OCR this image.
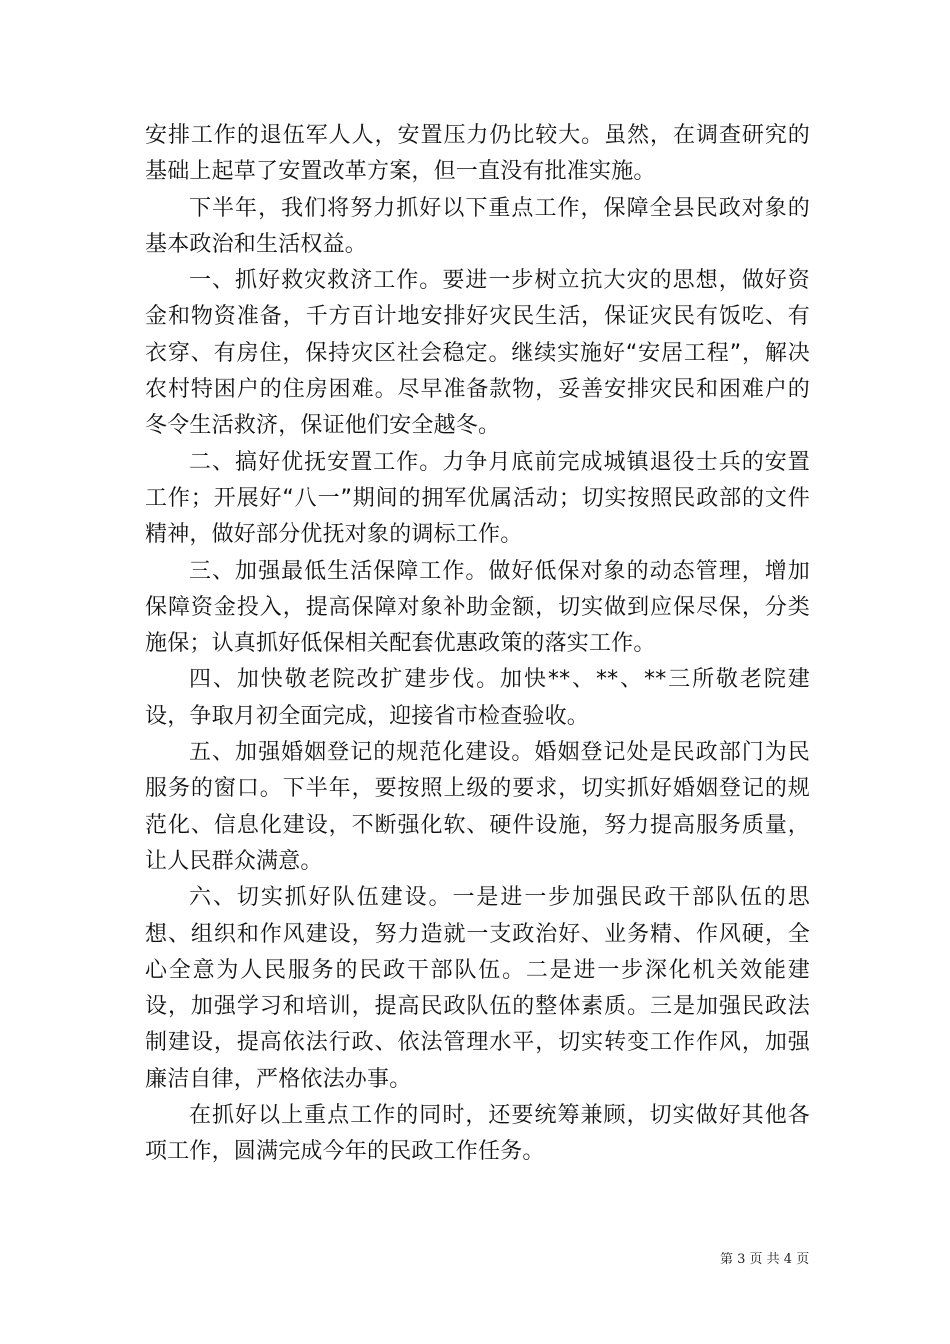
安排工作的退伍军人人，安置压力仍比较大。虽然，在调查研究的基础上起草了安置改革方案，但一直没有批准实施。

下半年，我们将努力抓好以下重点工作，保障全县民政对象的基本政治和生活权益。

一、抓好救灾救济工作。要进一步树立抗大灾的思想，做好资金和物资准备，千方百计地安排好灾民生活，保证灾民有饭吃、有衣穿、有房住，保持灾区社会稳定。继续实施好“安居工程”，解决农村特困户的住房困难。尽早准备款物，妥善安排灾民和困难户的冬令生活救济，保证他们安全越冬。

二、搞好优抚安置工作。力争月底前完成城镇退役士兵的安置工作；开展好“八一”期间的拥军优属活动；切实按照民政部的文件精神，做好部分优抚对象的调标工作。

三、加强最低生活保障工作。做好低保对象的动态管理，增加保障资金投入，提高保障对象补助金额，切实做到应保尽保，分类施保；认真抓好低保相关配套优惠政策的落实工作。

四、加快敬老院改扩建步伐。加快**、**、**三所敬老院建设，争取月初全面完成，迎接省市检查验收。

五、加强婚姻登记的规范化建设。婚姻登记处是民政部门为民服务的窗口。下半年，要按照上级的要求，切实抓好婚姻登记的规范化、信息化建设，不断强化软、硬件设施，努力提高服务质量，让人民群众满意。

六、切实抓好队伍建设。一是进一步加强民政干部队伍的思想、组织和作风建设，努力造就一支政治好、业务精、作风硬，全心全意为人民服务的民政干部队伍。二是进一步深化机关效能建设，加强学习和培训，提高民政队伍的整体素质。三是加强民政法制建设，提高依法行政、依法管理水平，切实转变工作作风，加强廉洁自律，严格依法办事。

在抓好以上重点工作的同时，还要统筹兼顾，切实做好其他各项工作，圆满完成今年的民政工作任务。

第 3 页 共 4 页
